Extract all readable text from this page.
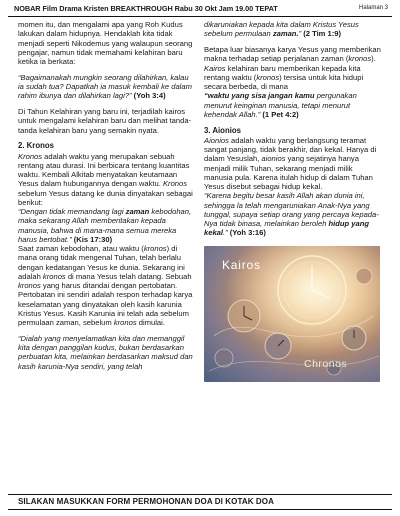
NOBAR Film Drama Kristen BREAKTHROUGH Rabu 30 Okt Jam 19.00 TEPAT	Halaman 3

momen itu, dan mengalami apa yang Roh Kudus lakukan dalam hidupnya. Hendaklah kita tidak menjadi seperti Nikodemus yang walaupun seorang pengajar, namun tidak memahami kelahiran baru ketika ia berkata:

“Bagaimanakah mungkin seorang dilahirkan, kalau ia sudah tua? Dapatkah ia masuk kembali ke dalam rahim ibunya dan dilahirkan lagi?” (Yoh 3:4)

Di Tahun Kelahiran yang baru ini, terjadilah kairos untuk mengalami kelahiran baru dan melihat tanda-tanda kelahiran baru yang semakin nyata.

2. Kronos

Kronos adalah waktu yang merupakan sebuah rentang atau durasi. Ini berbicara tentang kuantitas waktu. Kembali Alkitab menyatakan keutamaan Yesus dalam hubungannya dengan waktu. Kronos sebelum Yesus datang ke dunia dinyatakan sebagai berikut:

“Dengan tidak memandang lagi zaman kebodohan, maka sekarang Allah memberitakan kepada manusia, bahwa di mana-mana semua mereka harus bertobat.” (Kis 17:30)

Saat zaman kebodohan, atau waktu (kronos) di mana orang tidak mengenal Tuhan, telah berlalu dengan kedatangan Yesus ke dunia. Sekarang ini adalah kronos di mana Yesus telah datang. Sebuah kronos yang harus ditandai dengan pertobatan. Pertobatan ini sendiri adalah respon terhadap karya keselamatan yang dinyatakan oleh kasih karunia Kristus Yesus. Kasih Karunia ini telah ada sebelum permulaan zaman, sebelum kronos dimulai.

“Dialah yang menyelamatkan kita dan memanggil kita dengan panggilan kudus, bukan berdasarkan perbuatan kita, melainkan berdasarkan maksud dan kasih karunia-Nya sendiri, yang telah

dikaruniakan kepada kita dalam Kristus Yesus sebelum permulaan zaman.” (2 Tim 1:9)

Betapa luar biasanya karya Yesus yang memberikan makna terhadap setiap perjalanan zaman (kronos). Kairos kelahiran baru memberikan kepada kita rentang waktu (kronos) tersisa untuk kita hidupi secara berbeda, di mana

“waktu yang sisa jangan kamu pergunakan menurut keinginan manusia, tetapi menurut kehendak Allah.” (1 Pet 4:2)

3. Aionios

Aionios adalah waktu yang berlangsung teramat sangat panjang, tidak berakhir, dan kekal. Hanya di dalam Yesuslah, aionios yang sejatinya hanya menjadi milik Tuhan, sekarang menjadi milik manusia pula. Karena itulah hidup di dalam Tuhan Yesus disebut sebagai hidup kekal.

“Karena begitu besar kasih Allah akan dunia ini, sehingga la telah mengaruniakan Anak-Nya yang tunggal, supaya setiap orang yang percaya kepada-Nya tidak binasa, melainkan beroleh hidup yang kekal.” (Yoh 3:16)

Kairos
Chronos
SILAKAN MASUKKAN FORM PERMOHONAN DOA DI KOTAK DOA
